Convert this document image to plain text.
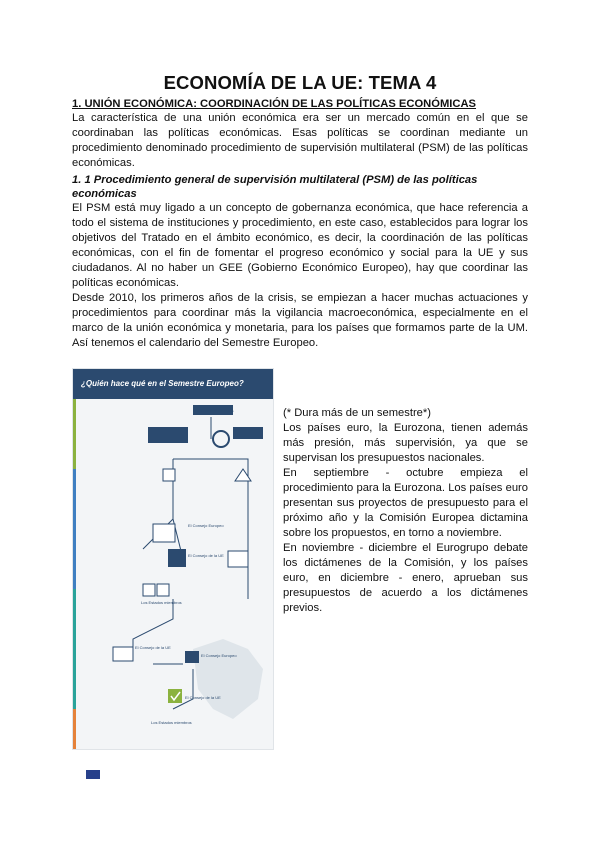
ECONOMÍA DE LA UE: TEMA 4
1. UNIÓN ECONÓMICA: COORDINACIÓN DE LAS POLÍTICAS ECONÓMICAS

La característica de una unión económica era ser un mercado común en el que se coordinaban las políticas económicas. Esas políticas se coordinan mediante un procedimiento denominado procedimiento de supervisión multilateral (PSM) de las políticas económicas.

1. 1 Procedimiento general de supervisión multilateral (PSM) de las políticas económicas

El PSM está muy ligado a un concepto de gobernanza económica, que hace referencia a todo el sistema de instituciones y procedimiento, en este caso, establecidos para lograr los objetivos del Tratado en el ámbito económico, es decir, la coordinación de las políticas económicas, con el fin de fomentar el progreso económico y social para la UE y sus ciudadanos. Al no haber un GEE (Gobierno Económico Europeo), hay que coordinar las políticas económicas.

Desde 2010, los primeros años de la crisis, se empiezan a hacer muchas actuaciones y procedimientos para coordinar más la vigilancia macroeconómica, especialmente en el marco de la unión económica y monetaria, para los países que formamos parte de la UM. Así tenemos el calendario del Semestre Europeo.

¿Quién hace qué en el Semestre Europeo?
La Comisión Europea
El Consejo Europeo
El Consejo de la UE
Los Estados miembros
El Consejo de la UE
El Consejo Europeo
El Consejo de la UE
Los Estados miembros

(* Dura más de un semestre*)

Los países euro, la Eurozona, tienen además más presión, más supervisión, ya que se supervisan los presupuestos nacionales.

En septiembre - octubre empieza el procedimiento para la Eurozona. Los países euro presentan sus proyectos de presupuesto para el próximo año y la Comisión Europea dictamina sobre los propuestos, en torno a noviembre.

En noviembre - diciembre el Eurogrupo debate los dictámenes de la Comisión, y los países euro, en diciembre - enero, aprueban sus presupuestos de acuerdo a los dictámenes previos.
